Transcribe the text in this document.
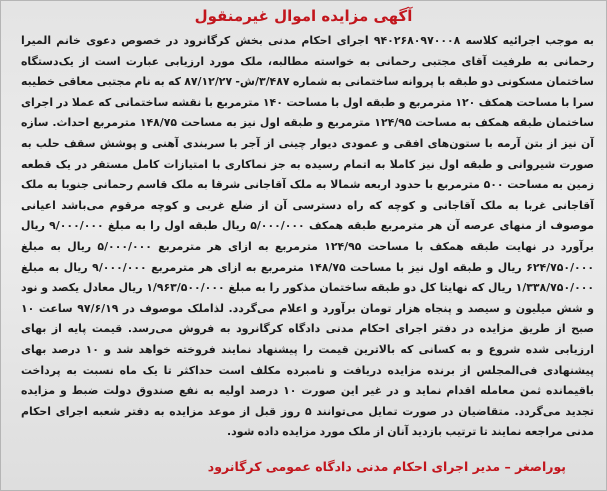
آگهی مزایده اموال غیرمنقول
به موجب اجرائیه کلاسه ۹۴۰۲۶۸۰۹۷۰۰۰۸ اجرای احکام مدنی بخش کرگانرود در خصوص دعوی خانم المیرا رحمانی به طرفیت آقای مجتبی رحمانی به خواسته مطالبه، ملک مورد ارزیابی عبارت است از یک‌دستگاه ساختمان مسکونی دو طبقه با پروانه ساختمانی به شماره ۳/۴۸۷/ش- ۸۷/۱۲/۲۷ که به نام مجتبی معاقی خطیبه سرا با مساحت همکف ۱۲۰ مترمربع و طبقه اول با مساحت ۱۴۰ مترمربع با نقشه ساختمانی که عملا در اجرای ساختمان طبقه همکف به مساحت ۱۲۴/۹۵ مترمربع و طبقه اول نیز به مساحت ۱۴۸/۷۵ مترمربع احداث. سازه آن نیز از بتن آرمه با ستون‌های افقی و عمودی دیوار چینی از آجر با سربندی آهنی و پوشش سقف حلب به صورت شیروانی و طبقه اول نیز کاملا به اتمام رسیده به جز نماکاری با امتیازات کامل مستقر در یک قطعه زمین به مساحت ۵۰۰ مترمربع با حدود اربعه شمالا به ملک آقاجانی شرقا به ملک قاسم رحمانی جنوبا به ملک آقاجانی غربا به ملک آقاجانی و کوچه که راه دسترسی آن از ضلع غربی و کوچه مرقوم می‌باشد اعیانی موصوف از منهای عرصه آن هر مترمربع طبقه همکف ۵/۰۰۰/۰۰۰ ریال طبقه اول را به مبلغ ۹/۰۰۰/۰۰۰ ریال برآورد در نهایت طبقه همکف با مساحت ۱۲۴/۹۵ مترمربع به ازای هر مترمربع ۵/۰۰۰/۰۰۰ ریال به مبلغ ۶۲۴/۷۵۰/۰۰۰ ریال و طبقه اول نیز با مساحت ۱۴۸/۷۵ مترمربع به ازای هر مترمربع ۹/۰۰۰/۰۰۰ ریال به مبلغ ۱/۳۳۸/۷۵۰/۰۰۰ ریال که نهایتا کل دو طبقه ساختمان مذکور را به مبلغ ۱/۹۶۳/۵۰۰/۰۰۰ ریال معادل یکصد و نود و شش میلیون و سیصد و پنجاه هزار تومان برآورد و اعلام می‌گردد. لذاملک موصوف در ۹۷/۶/۱۹ ساعت ۱۰ صبح از طریق مزایده در دفتر اجرای احکام مدنی دادگاه کرگانرود به فروش می‌رسد. قیمت پایه از بهای ارزیابی شده شروع و به کسانی که بالاترین قیمت را پیشنهاد نمایند فروخته خواهد شد و ۱۰ درصد بهای پیشنهادی فی‌المجلس از برنده مزایده دریافت و نامبرده مکلف است حداکثر تا یک ماه نسبت به پرداخت باقیمانده ثمن معامله اقدام نماید و در غیر این صورت ۱۰ درصد اولیه به نفع صندوق دولت ضبط و مزایده تجدید می‌گردد. متقاضیان در صورت تمایل می‌توانند ۵ روز قبل از موعد مزایده به دفتر شعبه اجرای احکام مدنی مراجعه نمایند تا ترتیب بازدید آنان از ملک مورد مزایده داده شود.
پوراصغر – مدیر اجرای احکام مدنی دادگاه عمومی کرگانرود
